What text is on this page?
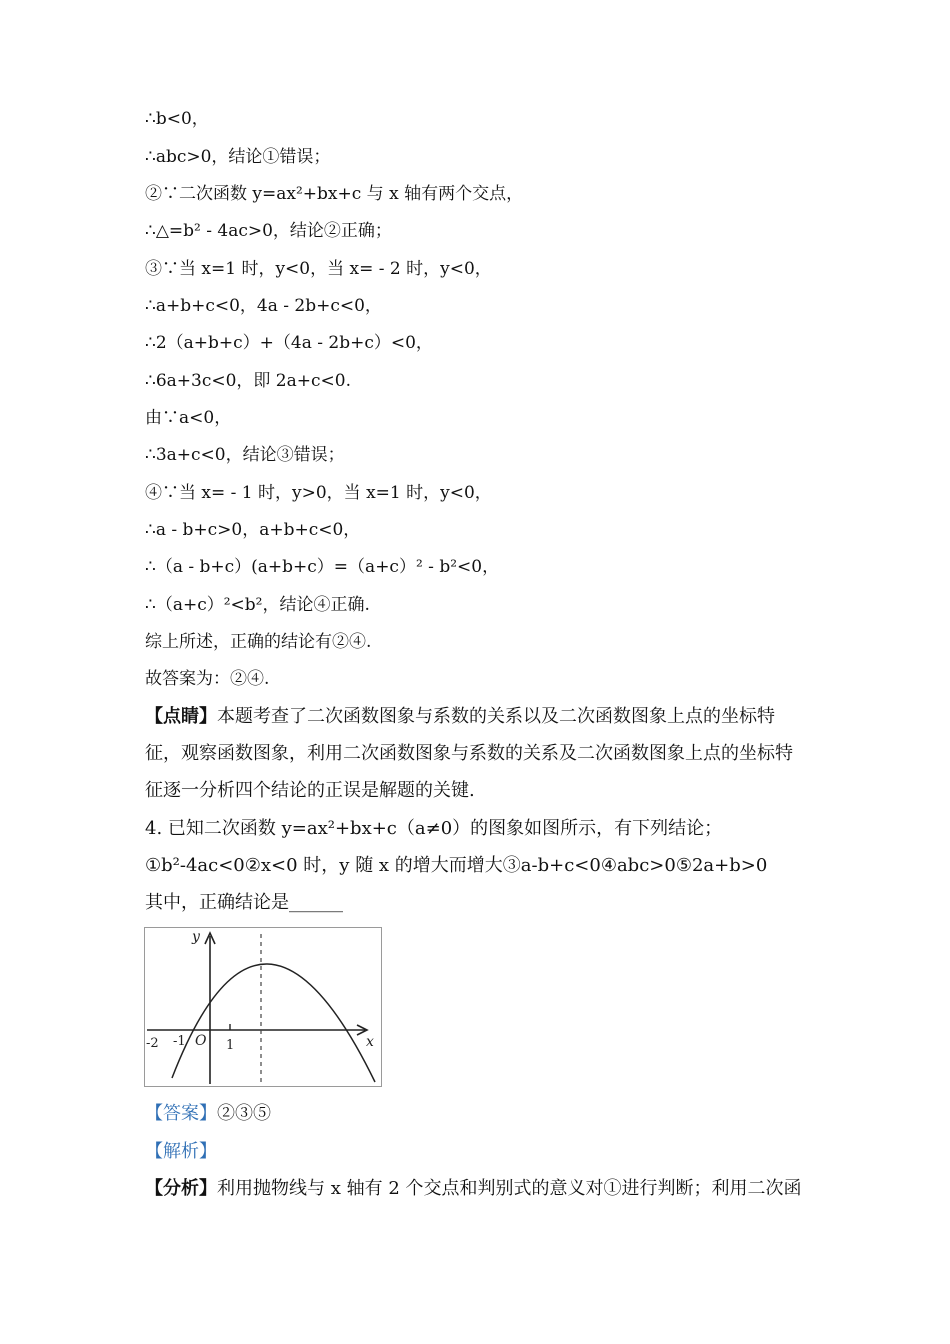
∴b<0，
∴abc>0，结论①错误；
②∵二次函数 y=ax²+bx+c 与 x 轴有两个交点，
∴△=b² - 4ac>0，结论②正确；
③∵当 x=1 时，y<0，当 x= - 2 时，y<0，
∴a+b+c<0，4a - 2b+c<0，
∴2（a+b+c）+（4a - 2b+c）<0，
∴6a+3c<0，即 2a+c<0.
由∵a<0，
∴3a+c<0，结论③错误；
④∵当 x= - 1 时，y>0，当 x=1 时，y<0，
∴a - b+c>0，a+b+c<0，
∴（a - b+c）(a+b+c）=（a+c）² - b²<0，
∴（a+c）²<b²，结论④正确.
综上所述，正确的结论有②④.
故答案为：②④.
【点睛】本题考查了二次函数图象与系数的关系以及二次函数图象上点的坐标特
征，观察函数图象，利用二次函数图象与系数的关系及二次函数图象上点的坐标特
征逐一分析四个结论的正误是解题的关键.
4. 已知二次函数 y=ax²+bx+c（a≠0）的图象如图所示，有下列结论；
①b²-4ac<0②x<0 时，y 随 x 的增大而增大③a-b+c<0④abc>0⑤2a+b>0
其中，正确结论是______
【答案】②③⑤
【解析】
【分析】利用抛物线与 x 轴有 2 个交点和判别式的意义对①进行判断；利用二次函
y
x
O
-2 -1	1
